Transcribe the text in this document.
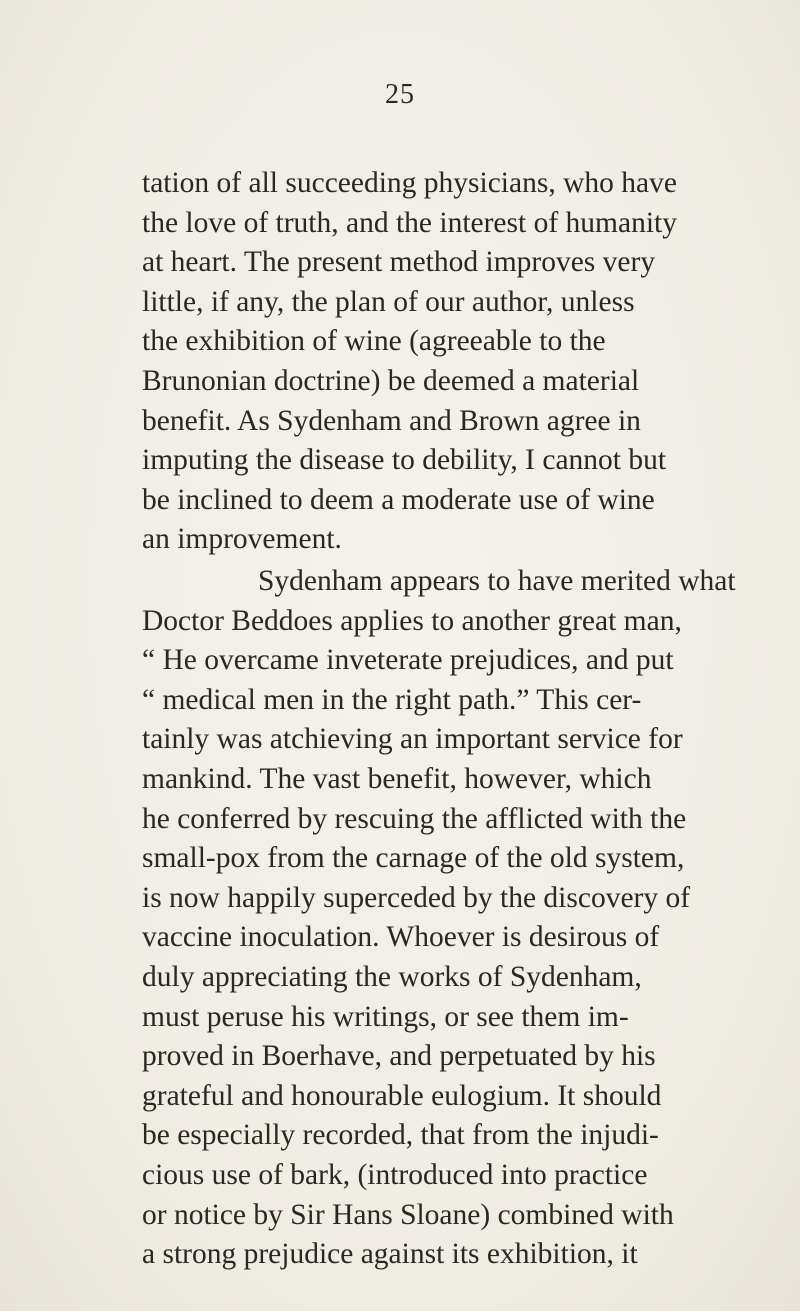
25
tation of all succeeding physicians, who have
the love of truth, and the interest of humanity
at heart. The present method improves very
little, if any, the plan of our author, unless
the exhibition of wine (agreeable to the
Brunonian doctrine) be deemed a material
benefit. As Sydenham and Brown agree in
imputing the disease to debility, I cannot but
be inclined to deem a moderate use of wine
an improvement.
Sydenham appears to have merited what
Doctor Beddoes applies to another great man,
“ He overcame inveterate prejudices, and put
“ medical men in the right path.” This cer-
tainly was atchieving an important service for
mankind. The vast benefit, however, which
he conferred by rescuing the afflicted with the
small-pox from the carnage of the old system,
is now happily superceded by the discovery of
vaccine inoculation. Whoever is desirous of
duly appreciating the works of Sydenham,
must peruse his writings, or see them im-
proved in Boerhave, and perpetuated by his
grateful and honourable eulogium. It should
be especially recorded, that from the injudi-
cious use of bark, (introduced into practice
or notice by Sir Hans Sloane) combined with
a strong prejudice against its exhibition, it
